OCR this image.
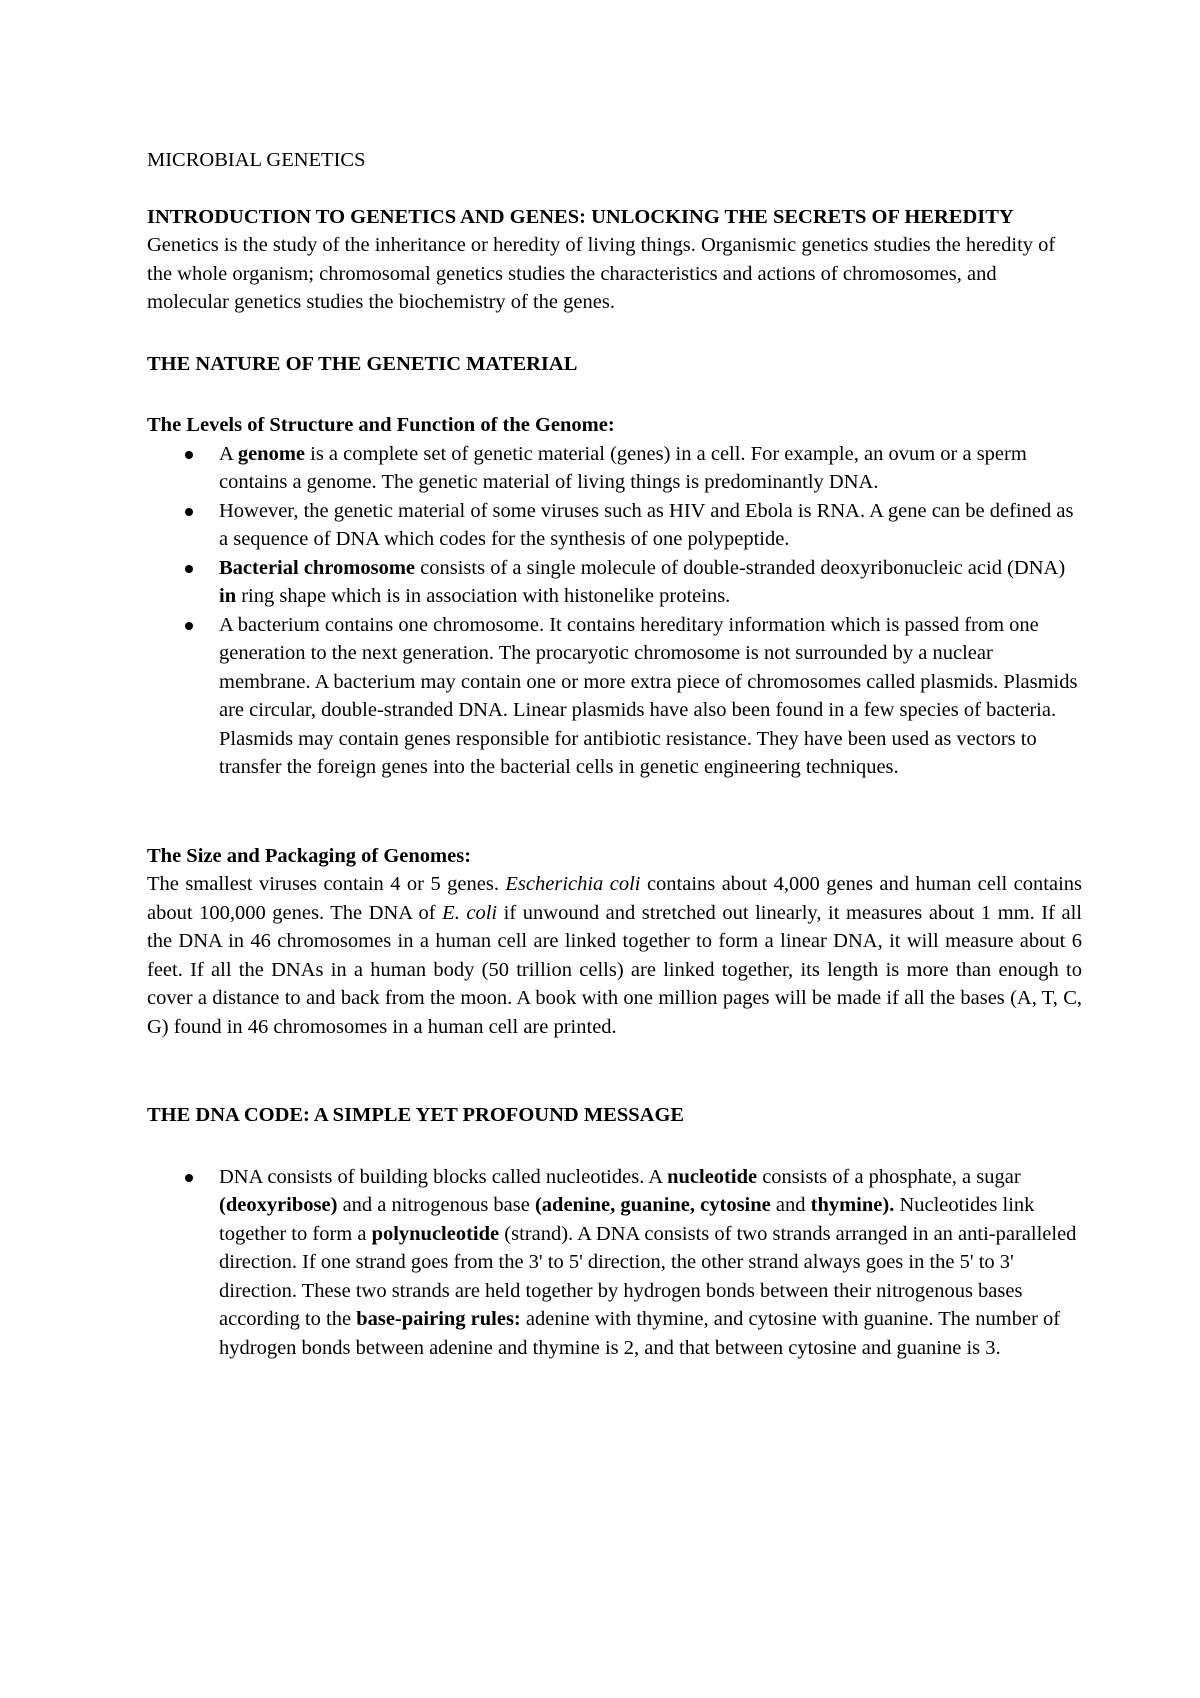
MICROBIAL GENETICS

INTRODUCTION TO GENETICS AND GENES: UNLOCKING THE SECRETS OF HEREDITY

Genetics is the study of the inheritance or heredity of living things. Organismic genetics studies the heredity of the whole organism; chromosomal genetics studies the characteristics and actions of chromosomes, and molecular genetics studies the biochemistry of the genes.

THE NATURE OF THE GENETIC MATERIAL

The Levels of Structure and Function of the Genome:

A genome is a complete set of genetic material (genes) in a cell. For example, an ovum or a sperm contains a genome. The genetic material of living things is predominantly DNA.
However, the genetic material of some viruses such as HIV and Ebola is RNA. A gene can be defined as a sequence of DNA which codes for the synthesis of one polypeptide.
Bacterial chromosome consists of a single molecule of double-stranded deoxyribonucleic acid (DNA) in ring shape which is in association with histonelike proteins.
A bacterium contains one chromosome. It contains hereditary information which is passed from one generation to the next generation. The procaryotic chromosome is not surrounded by a nuclear membrane. A bacterium may contain one or more extra piece of chromosomes called plasmids. Plasmids are circular, double-stranded DNA. Linear plasmids have also been found in a few species of bacteria. Plasmids may contain genes responsible for antibiotic resistance. They have been used as vectors to transfer the foreign genes into the bacterial cells in genetic engineering techniques.

The Size and Packaging of Genomes:

The smallest viruses contain 4 or 5 genes. Escherichia coli contains about 4,000 genes and human cell contains about 100,000 genes. The DNA of E. coli if unwound and stretched out linearly, it measures about 1 mm. If all the DNA in 46 chromosomes in a human cell are linked together to form a linear DNA, it will measure about 6 feet. If all the DNAs in a human body (50 trillion cells) are linked together, its length is more than enough to cover a distance to and back from the moon. A book with one million pages will be made if all the bases (A, T, C, G) found in 46 chromosomes in a human cell are printed.

THE DNA CODE: A SIMPLE YET PROFOUND MESSAGE

DNA consists of building blocks called nucleotides. A nucleotide consists of a phosphate, a sugar (deoxyribose) and a nitrogenous base (adenine, guanine, cytosine and thymine). Nucleotides link together to form a polynucleotide (strand). A DNA consists of two strands arranged in an anti-paralleled direction. If one strand goes from the 3' to 5' direction, the other strand always goes in the 5' to 3' direction. These two strands are held together by hydrogen bonds between their nitrogenous bases according to the base-pairing rules: adenine with thymine, and cytosine with guanine. The number of hydrogen bonds between adenine and thymine is 2, and that between cytosine and guanine is 3.
